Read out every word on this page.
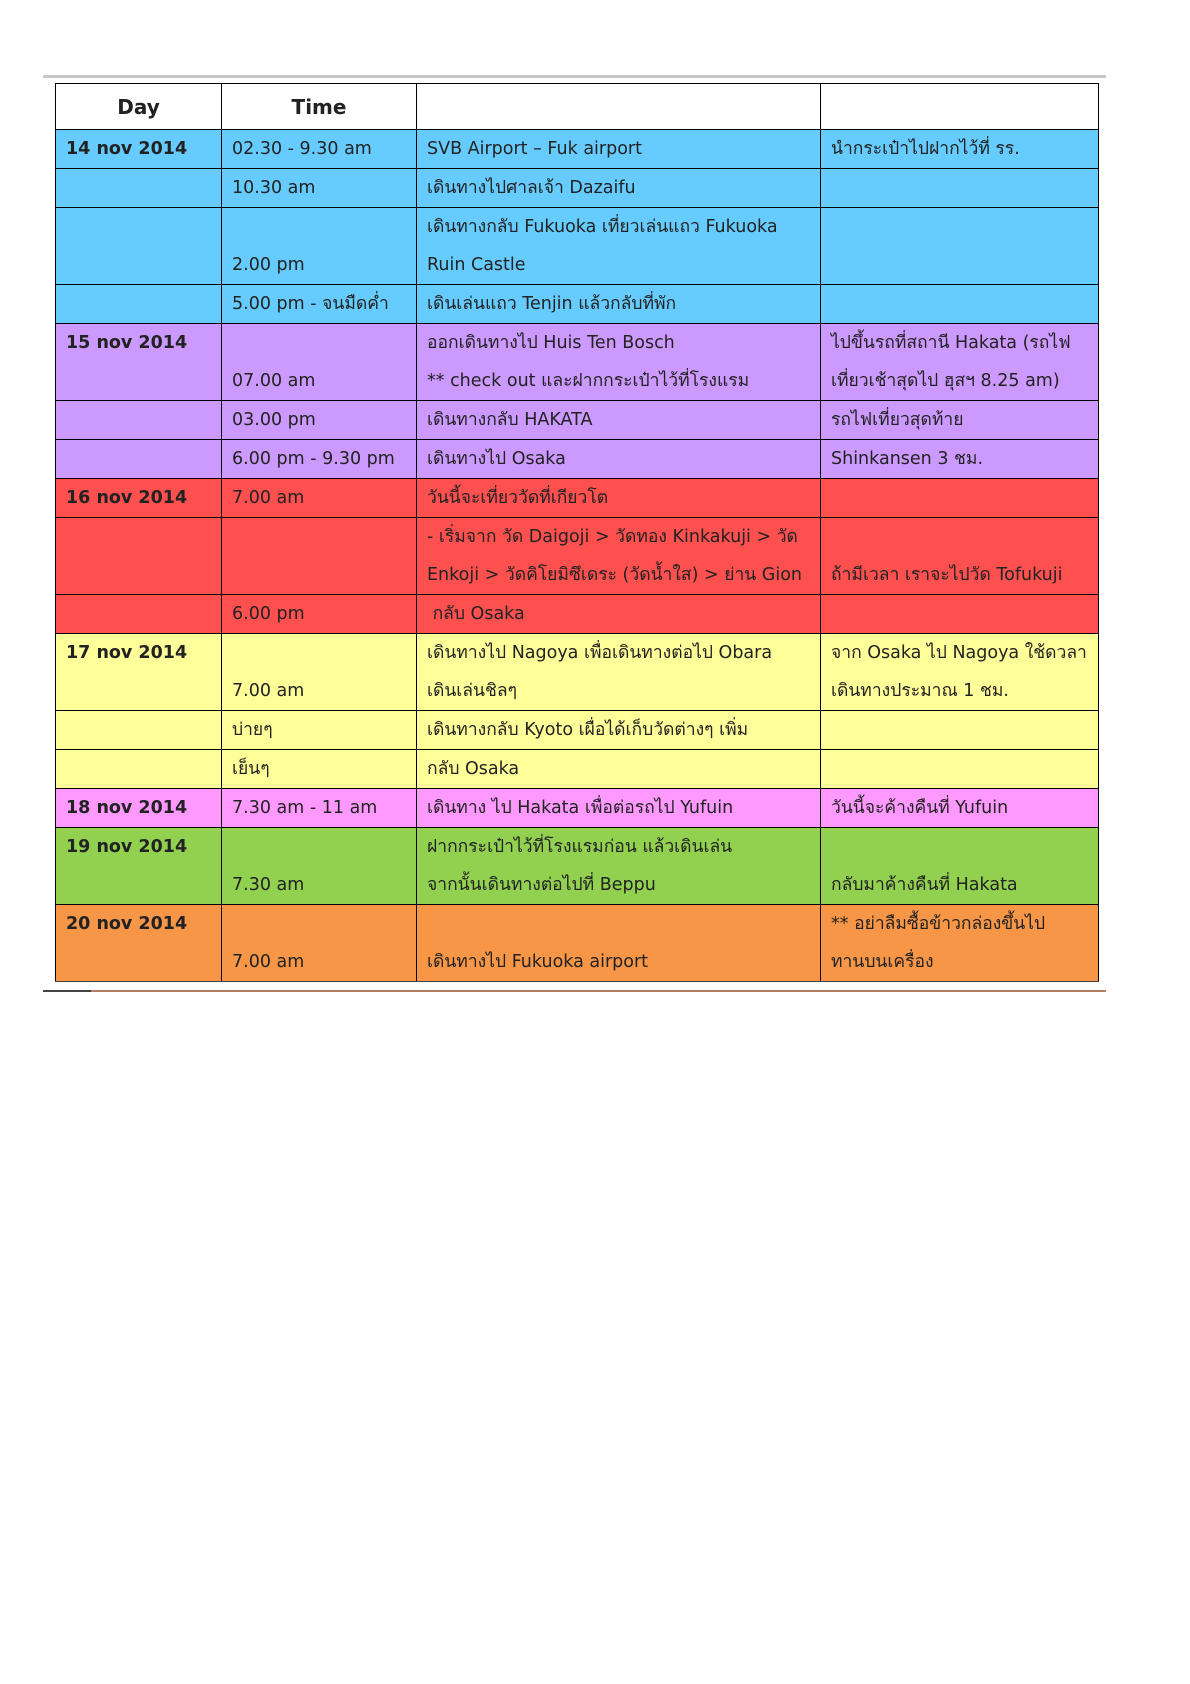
Day	Time		
14 nov 2014	02.30 - 9.30 am	SVB Airport – Fuk airport	นำกระเป๋าไปฝากไว้ที่ รร.

	10.30 am	เดินทางไปศาลเจ้า Dazaifu	

	2.00 pm	เดินทางกลับ Fukuoka เที่ยวเล่นแถว Fukuoka
Ruin Castle	

	5.00 pm - จนมืดค่ำ	เดินเล่นแถว Tenjin แล้วกลับที่พัก	

15 nov 2014	07.00 am	ออกเดินทางไป Huis Ten Bosch
** check out และฝากกระเป๋าไว้ที่โรงแรม	ไปขึ้นรถที่สถานี Hakata (รถไฟ
เที่ยวเช้าสุดไป ฮุสฯ 8.25 am)

	03.00 pm	เดินทางกลับ HAKATA	รถไฟเที่ยวสุดท้าย

	6.00 pm - 9.30 pm	เดินทางไป Osaka	Shinkansen 3 ชม.

16 nov 2014	7.00 am	วันนี้จะเที่ยววัดที่เกียวโต	

		- เริ่มจาก วัด Daigoji > วัดทอง Kinkakuji > วัด
Enkoji > วัดคิโยมิซึเดระ (วัดน้ำใส) > ย่าน Gion	ถ้ามีเวลา เราจะไปวัด Tofukuji

	6.00 pm	กลับ Osaka	

17 nov 2014	7.00 am	เดินทางไป Nagoya เพื่อเดินทางต่อไป Obara
เดินเล่นชิลๆ	จาก Osaka ไป Nagoya ใช้ดวลา
เดินทางประมาณ 1 ชม.

	บ่ายๆ	เดินทางกลับ Kyoto เผื่อได้เก็บวัดต่างๆ เพิ่ม	

	เย็นๆ	กลับ Osaka	

18 nov 2014	7.30 am - 11 am	เดินทาง ไป Hakata เพื่อต่อรถไป Yufuin	วันนี้จะค้างคืนที่ Yufuin

19 nov 2014	7.30 am	ฝากกระเป๋าไว้ที่โรงแรมก่อน แล้วเดินเล่น
จากนั้นเดินทางต่อไปที่ Beppu	กลับมาค้างคืนที่ Hakata

20 nov 2014	7.00 am	เดินทางไป Fukuoka airport	** อย่าลืมซื้อข้าวกล่องขึ้นไป
ทานบนเครื่อง
